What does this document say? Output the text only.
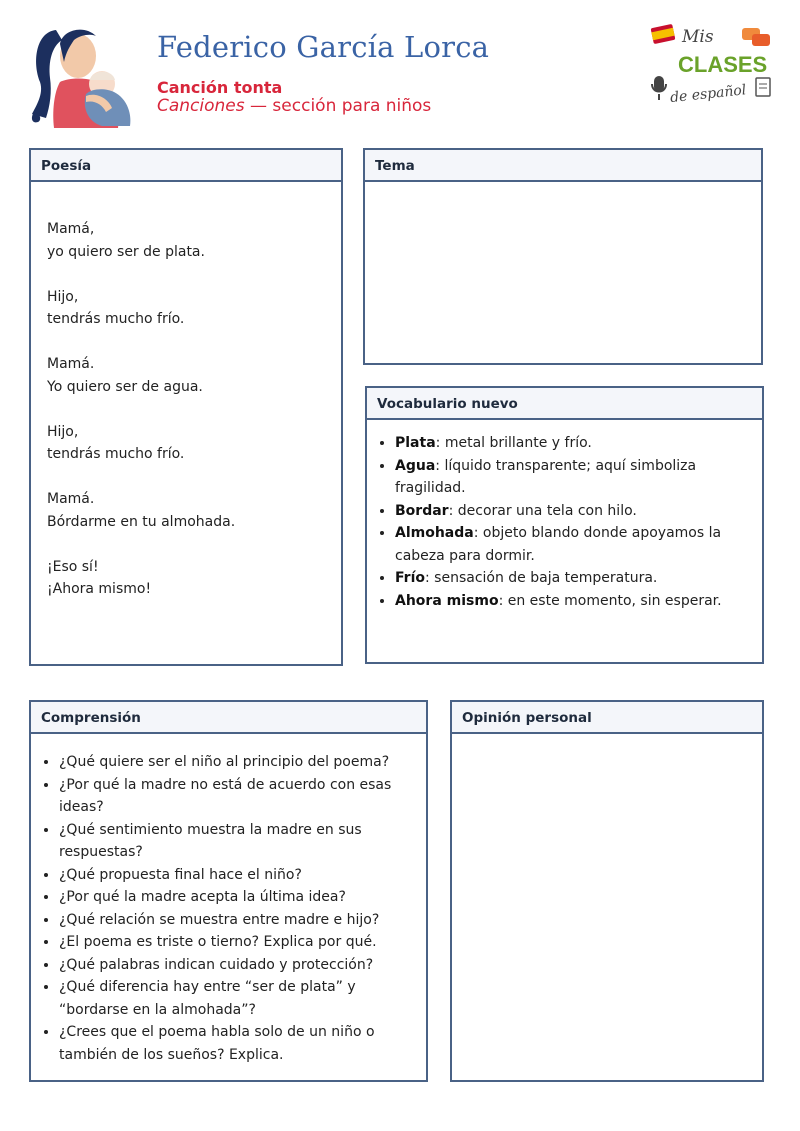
Federico García Lorca
Canción tonta
Canciones — sección para niños
Mis
CLASES
de español
Poesía
Mamá,
yo quiero ser de plata.
Hijo,
tendrás mucho frío.
Mamá.
Yo quiero ser de agua.
Hijo,
tendrás mucho frío.
Mamá.
Bórdarme en tu almohada.
¡Eso sí!
¡Ahora mismo!
Tema
Vocabulario nuevo
• Plata: metal brillante y frío.
• Agua: líquido transparente; aquí simboliza fragilidad.
• Bordar: decorar una tela con hilo.
• Almohada: objeto blando donde apoyamos la cabeza para dormir.
• Frío: sensación de baja temperatura.
• Ahora mismo: en este momento, sin esperar.
Comprensión
• ¿Qué quiere ser el niño al principio del poema?
• ¿Por qué la madre no está de acuerdo con esas ideas?
• ¿Qué sentimiento muestra la madre en sus respuestas?
• ¿Qué propuesta final hace el niño?
• ¿Por qué la madre acepta la última idea?
• ¿Qué relación se muestra entre madre e hijo?
• ¿El poema es triste o tierno? Explica por qué.
• ¿Qué palabras indican cuidado y protección?
• ¿Qué diferencia hay entre “ser de plata” y “bordarse en la almohada”?
• ¿Crees que el poema habla solo de un niño o también de los sueños? Explica.
Opinión personal
